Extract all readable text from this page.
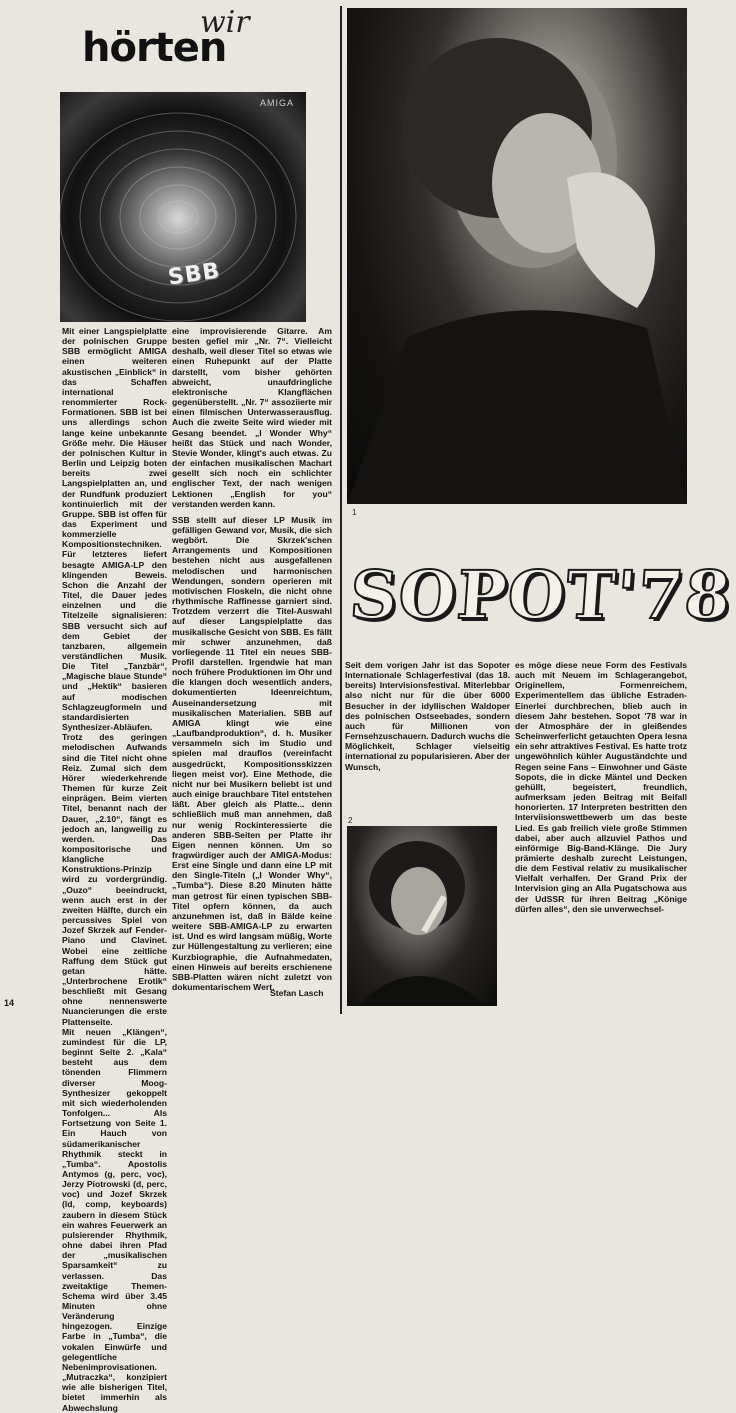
wir
hörten
AMIGA
SBB

Mit einer Langspielplatte der polnischen Gruppe SBB ermöglicht AMIGA einen weiteren akustischen „Einblick“ in das Schaffen international renommierter Rock-Formationen. SBB ist bei uns allerdings schon lange keine unbekannte Größe mehr. Die Häuser der polnischen Kultur in Berlin und Leipzig boten bereits zwei Langspielplatten an, und der Rundfunk produziert kontinuierlich mit der Gruppe. SBB ist offen für das Experiment und kommerzielle Kompositionstechniken. Für letzteres liefert besagte AMIGA-LP den klingenden Beweis. Schon die Anzahl der Titel, die Dauer jedes einzelnen und die Titelzeile signalisieren: SBB versucht sich auf dem Gebiet der tanzbaren, allgemein verständlichen Musik. Die Titel „Tanzbär“, „Magische blaue Stunde“ und „Hektik“ basieren auf modischen Schlagzeugformeln und standardisierten Synthesizer-Abläufen. Trotz des geringen melodischen Aufwands sind die Titel nicht ohne Reiz. Zumal sich dem Hörer wiederkehrende Themen für kurze Zeit einprägen. Beim vierten Titel, benannt nach der Dauer, „2.10“, fängt es jedoch an, langweilig zu werden. Das kompositorische und klangliche Konstruktions-Prinzip wird zu vordergründig. „Ouzo“ beeindruckt, wenn auch erst in der zweiten Hälfte, durch ein percussives Spiel von Jozef Skrzek auf Fender-Piano und Clavinet. Wobei eine zeitliche Raffung dem Stück gut getan hätte. „Unterbrochene Erotik“ beschließt mit Gesang ohne nennenswerte Nuancierungen die erste Plattenseite.

Mit neuen „Klängen“, zumindest für die LP, beginnt Seite 2. „Kala“ besteht aus dem tönenden Flimmern diverser Moog-Synthesizer gekoppelt mit sich wiederholenden Tonfolgen... Als Fortsetzung von Seite 1. Ein Hauch von südamerikanischer Rhythmik steckt in „Tumba“. Apostolis Antymos (g, perc, voc), Jerzy Piotrowski (d, perc, voc) und Jozef Skrzek (ld, comp, keyboards) zaubern in diesem Stück ein wahres Feuerwerk an pulsierender Rhythmik, ohne dabei ihren Pfad der „musikalischen Sparsamkeit“ zu verlassen. Das zweitaktige Themen-Schema wird über 3.45 Minuten ohne Veränderung hingezogen. Einzige Farbe in „Tumba“, die vokalen Einwürfe und gelegentliche Nebenimprovisationen. „Mutraczka“, konzipiert wie alle bisherigen Titel, bietet immerhin als Abwechslung

eine improvisierende Gitarre. Am besten gefiel mir „Nr. 7“. Vielleicht deshalb, weil dieser Titel so etwas wie einen Ruhepunkt auf der Platte darstellt, vom bisher gehörten abweicht, unaufdringliche elektronische Klangflächen gegenüberstellt. „Nr. 7“ assoziierte mir einen filmischen Unterwasserausflug. Auch die zweite Seite wird wieder mit Gesang beendet. „I Wonder Why“ heißt das Stück und nach Wonder, Stevie Wonder, klingt's auch etwas. Zu der einfachen musikalischen Machart gesellt sich noch ein schlichter englischer Text, der nach wenigen Lektionen „English for you“ verstanden werden kann.

SSB stellt auf dieser LP Musik im gefälligen Gewand vor, Musik, die sich wegbört. Die Skrzek'schen Arrangements und Kompositionen bestehen nicht aus ausgefallenen melodischen und harmonischen Wendungen, sondern operieren mit motivischen Floskeln, die nicht ohne rhythmische Raffinesse garniert sind. Trotzdem verzerrt die Titel-Auswahl auf dieser Langspielplatte das musikalische Gesicht von SBB. Es fällt mir schwer anzunehmen, daß vorliegende 11 Titel ein neues SBB-Profil darstellen. Irgendwie hat man noch frühere Produktionen im Ohr und die klangen doch wesentlich anders, dokumentierten Ideenreichtum, Auseinandersetzung mit musikalischen Materialien. SBB auf AMIGA klingt wie eine „Laufbandproduktion“, d. h. Musiker versammeln sich im Studio und spielen mal drauflos (vereinfacht ausgedrückt, Kompositionsskizzen liegen meist vor). Eine Methode, die nicht nur bei Musikern beliebt ist und auch einige brauchbare Titel entstehen läßt. Aber gleich als Platte... denn schließlich muß man annehmen, daß nur wenig Rockinteressierte die anderen SBB-Seiten per Platte ihr Eigen nennen können. Um so fragwürdiger auch der AMIGA-Modus: Erst eine Single und dann eine LP mit den Single-Titeln („I Wonder Why“, „Tumba“). Diese 8.20 Minuten hätte man getrost für einen typischen SBB-Titel opfern können, da auch anzunehmen ist, daß in Bälde keine weitere SBB-AMIGA-LP zu erwarten ist. Und es wird langsam müßig, Worte zur Hüllengestaltung zu verlieren; eine Kurzbiographie, die Aufnahmedaten, einen Hinweis auf bereits erschienene SBB-Platten wären nicht zuletzt von dokumentarischem Wert.

Stefan Lasch
1
SOPOT'78

Seit dem vorigen Jahr ist das Sopoter Internationale Schlagerfestival (das 18. bereits) Intervisionsfestival. Miterlebbar also nicht nur für die über 6000 Besucher in der idyllischen Waldoper des polnischen Ostseebades, sondern auch für Millionen von Fernsehzuschauern. Dadurch wuchs die Möglichkeit, Schlager vielseitig international zu popularisieren. Aber der Wunsch,

es möge diese neue Form des Festivals auch mit Neuem im Schlagerangebot, Originellem, Formenreichem, Experimentellem das übliche Estraden-Einerlei durchbrechen, blieb auch in diesem Jahr bestehen. Sopot '78 war in der Atmosphäre der in gleißendes Scheinwerferlicht getauchten Opera lesna ein sehr attraktives Festival. Es hatte trotz ungewöhnlich kühler Auguständchte und Regen seine Fans – Einwohner und Gäste Sopots, die in dicke Mäntel und Decken gehüllt, begeistert, freundlich, aufmerksam jeden Beitrag mit Beifall honorierten. 17 Interpreten bestritten den Interviisionswettbewerb um das beste Lied. Es gab freilich viele große Stimmen dabei, aber auch allzuviel Pathos und einförmige Big-Band-Klänge. Die Jury prämierte deshalb zurecht Leistungen, die dem Festival relativ zu musikalischer Vielfalt verhalfen. Der Grand Prix der Intervision ging an Alla Pugatschowa aus der UdSSR für ihren Beitrag „Könige dürfen alles“, den sie unverwechsel-

2
14
